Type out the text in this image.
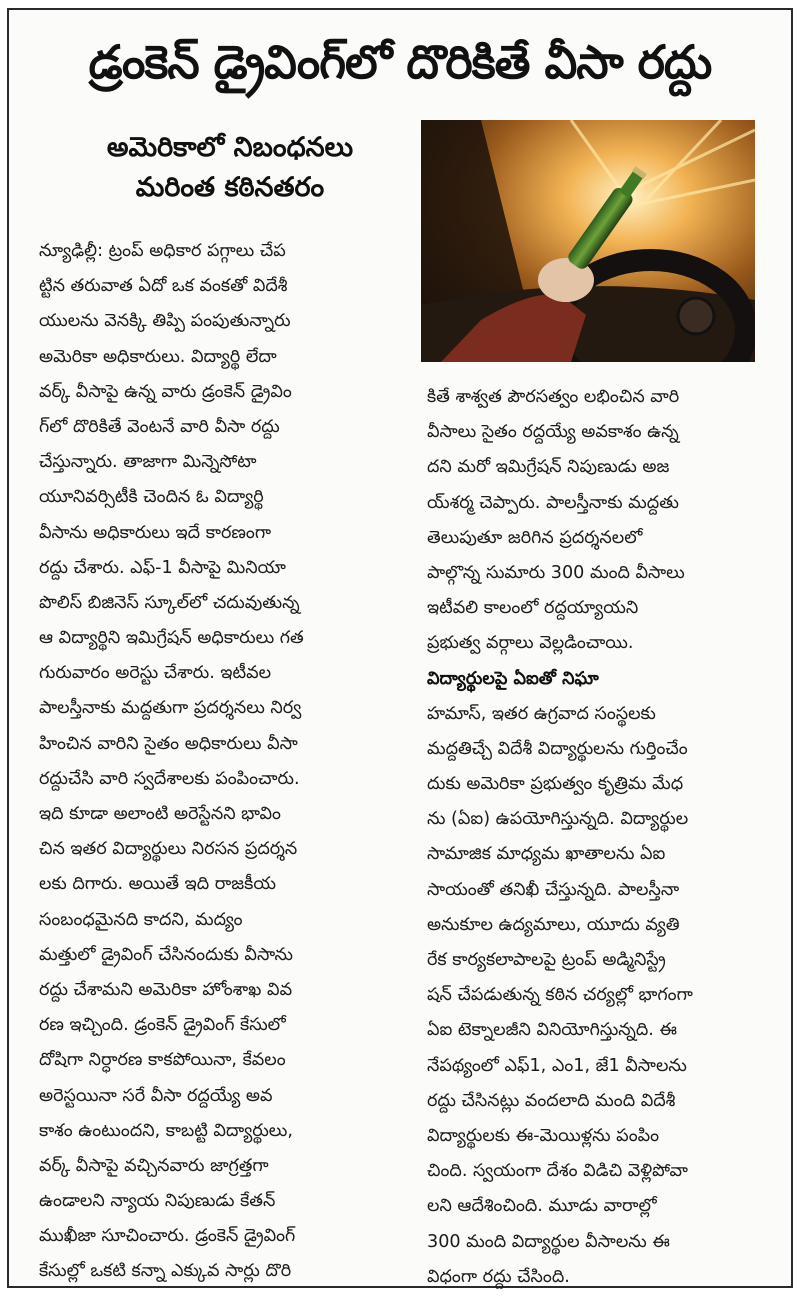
డ్రంకెన్‌ డ్రైవింగ్‌లో దొరికితే వీసా రద్దు
అమెరికాలో నిబంధనలు
మరింత కఠినతరం
న్యూఢిల్లీ: ట్రంప్‌ అధికార పగ్గాలు చేప
ట్టిన తరువాత ఏదో ఒక వంకతో విదేశీ
యులను వెనక్కి తిప్పి పంపుతున్నారు
అమెరికా అధికారులు. విద్యార్థి లేదా
వర్క్‌ వీసాపై ఉన్న వారు డ్రంకెన్‌ డ్రైవిం
గ్‌లో దొరికితే వెంటనే వారి వీసా రద్దు
చేస్తున్నారు. తాజాగా మిన్నెసోటా
యూనివర్సిటీకి చెందిన ఓ విద్యార్థి
వీసాను అధికారులు ఇదే కారణంగా
రద్దు చేశారు. ఎఫ్‌-1 వీసాపై మినియా
పొలిస్‌ బిజినెస్‌ స్కూల్‌లో చదువుతున్న
ఆ విద్యార్థిని ఇమిగ్రేషన్‌ అధికారులు గత
గురువారం అరెస్టు చేశారు. ఇటీవల
పాలస్తీనాకు మద్దతుగా ప్రదర్శనలు నిర్వ
హించిన వారిని సైతం అధికారులు వీసా
రద్దుచేసి వారి స్వదేశాలకు పంపించారు.
ఇది కూడా అలాంటి అరెస్టేనని భావిం
చిన ఇతర విద్యార్థులు నిరసన ప్రదర్శన
లకు దిగారు. అయితే ఇది రాజకీయ
సంబంధమైనది కాదని, మద్యం
మత్తులో డ్రైవింగ్‌ చేసినందుకు వీసాను
రద్దు చేశామని అమెరికా హోంశాఖ వివ
రణ ఇచ్చింది. డ్రంకెన్‌ డ్రైవింగ్‌ కేసులో
దోషిగా నిర్ధారణ కాకపోయినా, కేవలం
అరెస్టయినా సరే వీసా రద్దయ్యే అవ
కాశం ఉంటుందని, కాబట్టి విద్యార్థులు,
వర్క్‌ వీసాపై వచ్చినవారు జాగ్రత్తగా
ఉండాలని న్యాయ నిపుణుడు కేతన్‌
ముఖీజా సూచించారు. డ్రంకెన్‌ డ్రైవింగ్‌
కేసుల్లో ఒకటి కన్నా ఎక్కువ సార్లు దొరి
కితే శాశ్వత పౌరసత్వం లభించిన వారి
వీసాలు సైతం రద్దయ్యే అవకాశం ఉన్న
దని మరో ఇమిగ్రేషన్‌ నిపుణుడు అజ
య్‌శర్మ చెప్పారు. పాలస్తీనాకు మద్దతు
తెలుపుతూ జరిగిన ప్రదర్శనలలో
పాల్గొన్న సుమారు 300 మంది వీసాలు
ఇటీవలి కాలంలో రద్దయ్యాయని
ప్రభుత్వ వర్గాలు వెల్లడించాయి.
విద్యార్థులపై ఏఐతో నిఘా
హమాస్‌, ఇతర ఉగ్రవాద సంస్థలకు
మద్దతిచ్చే విదేశీ విద్యార్థులను గుర్తించేం
దుకు అమెరికా ప్రభుత్వం కృత్రిమ మేధ
ను (ఏఐ) ఉపయోగిస్తున్నది. విద్యార్థుల
సామాజిక మాధ్యమ ఖాతాలను ఏఐ
సాయంతో తనిఖీ చేస్తున్నది. పాలస్తీనా
అనుకూల ఉద్యమాలు, యూదు వ్యతి
రేక కార్యకలాపాలపై ట్రంప్‌ అడ్మినిస్ట్రే
షన్‌ చేపడుతున్న కఠిన చర్యల్లో భాగంగా
ఏఐ టెక్నాలజీని వినియోగిస్తున్నది. ఈ
నేపథ్యంలో ఎఫ్‌1, ఎం1, జే1 వీసాలను
రద్దు చేసినట్లు వందలాది మంది విదేశీ
విద్యార్థులకు ఈ-మెయిళ్లను పంపిం
చింది. స్వయంగా దేశం విడిచి వెళ్లిపోవా
లని ఆదేశించింది. మూడు వారాల్లో
300 మంది విద్యార్థుల వీసాలను ఈ
విధంగా రద్దు చేసింది.
